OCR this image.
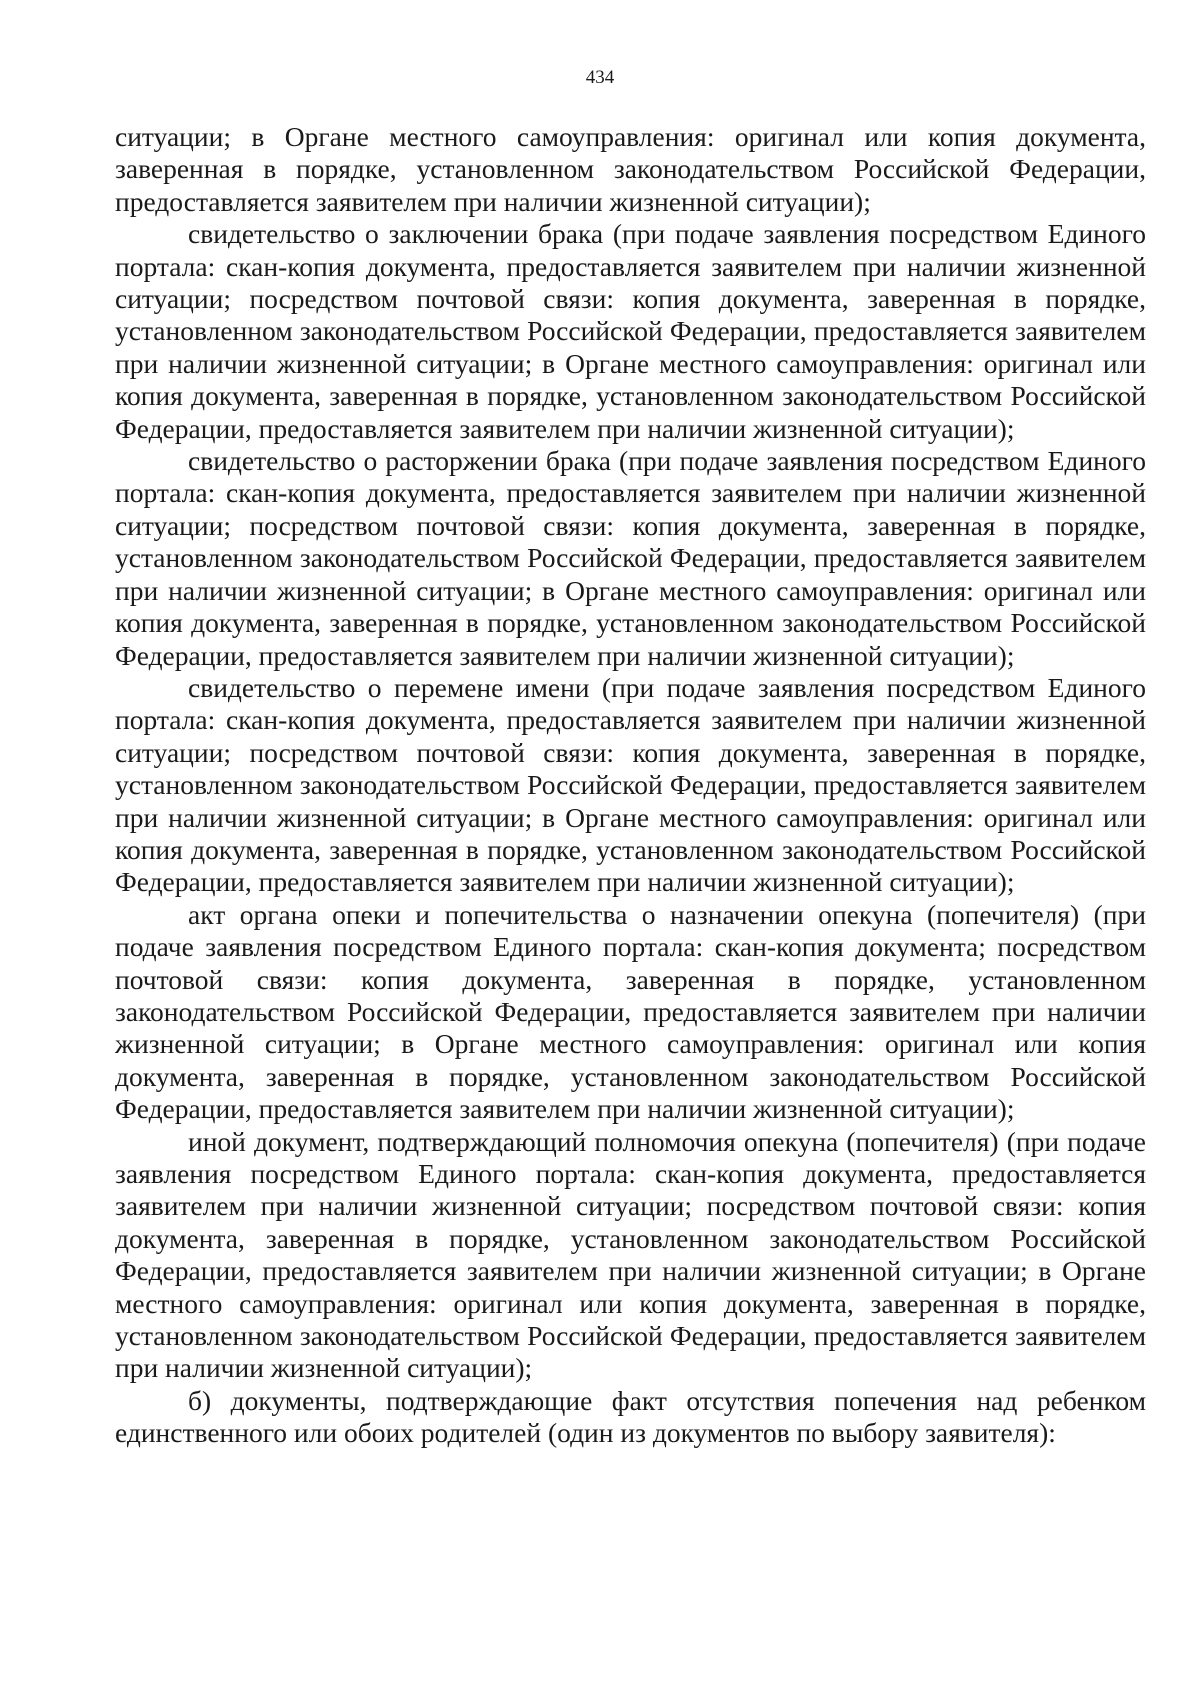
434

ситуации; в Органе местного самоуправления: оригинал или копия документа, заверенная в порядке, установленном законодательством Российской Федерации, предоставляется заявителем при наличии жизненной ситуации);

свидетельство о заключении брака (при подаче заявления посредством Единого портала: скан-копия документа, предоставляется заявителем при наличии жизненной ситуации; посредством почтовой связи: копия документа, заверенная в порядке, установленном законодательством Российской Федерации, предоставляется заявителем при наличии жизненной ситуации; в Органе местного самоуправления: оригинал или копия документа, заверенная в порядке, установленном законодательством Российской Федерации, предоставляется заявителем при наличии жизненной ситуации);

свидетельство о расторжении брака (при подаче заявления посредством Единого портала: скан-копия документа, предоставляется заявителем при наличии жизненной ситуации; посредством почтовой связи: копия документа, заверенная в порядке, установленном законодательством Российской Федерации, предоставляется заявителем при наличии жизненной ситуации; в Органе местного самоуправления: оригинал или копия документа, заверенная в порядке, установленном законодательством Российской Федерации, предоставляется заявителем при наличии жизненной ситуации);

свидетельство о перемене имени (при подаче заявления посредством Единого портала: скан-копия документа, предоставляется заявителем при наличии жизненной ситуации; посредством почтовой связи: копия документа, заверенная в порядке, установленном законодательством Российской Федерации, предоставляется заявителем при наличии жизненной ситуации; в Органе местного самоуправления: оригинал или копия документа, заверенная в порядке, установленном законодательством Российской Федерации, предоставляется заявителем при наличии жизненной ситуации);

акт органа опеки и попечительства о назначении опекуна (попечителя) (при подаче заявления посредством Единого портала: скан-копия документа; посредством почтовой связи: копия документа, заверенная в порядке, установленном законодательством Российской Федерации, предоставляется заявителем при наличии жизненной ситуации; в Органе местного самоуправления: оригинал или копия документа, заверенная в порядке, установленном законодательством Российской Федерации, предоставляется заявителем при наличии жизненной ситуации);

иной документ, подтверждающий полномочия опекуна (попечителя) (при подаче заявления посредством Единого портала: скан-копия документа, предоставляется заявителем при наличии жизненной ситуации; посредством почтовой связи: копия документа, заверенная в порядке, установленном законодательством Российской Федерации, предоставляется заявителем при наличии жизненной ситуации; в Органе местного самоуправления: оригинал или копия документа, заверенная в порядке, установленном законодательством Российской Федерации, предоставляется заявителем при наличии жизненной ситуации);

б) документы, подтверждающие факт отсутствия попечения над ребенком единственного или обоих родителей (один из документов по выбору заявителя):
